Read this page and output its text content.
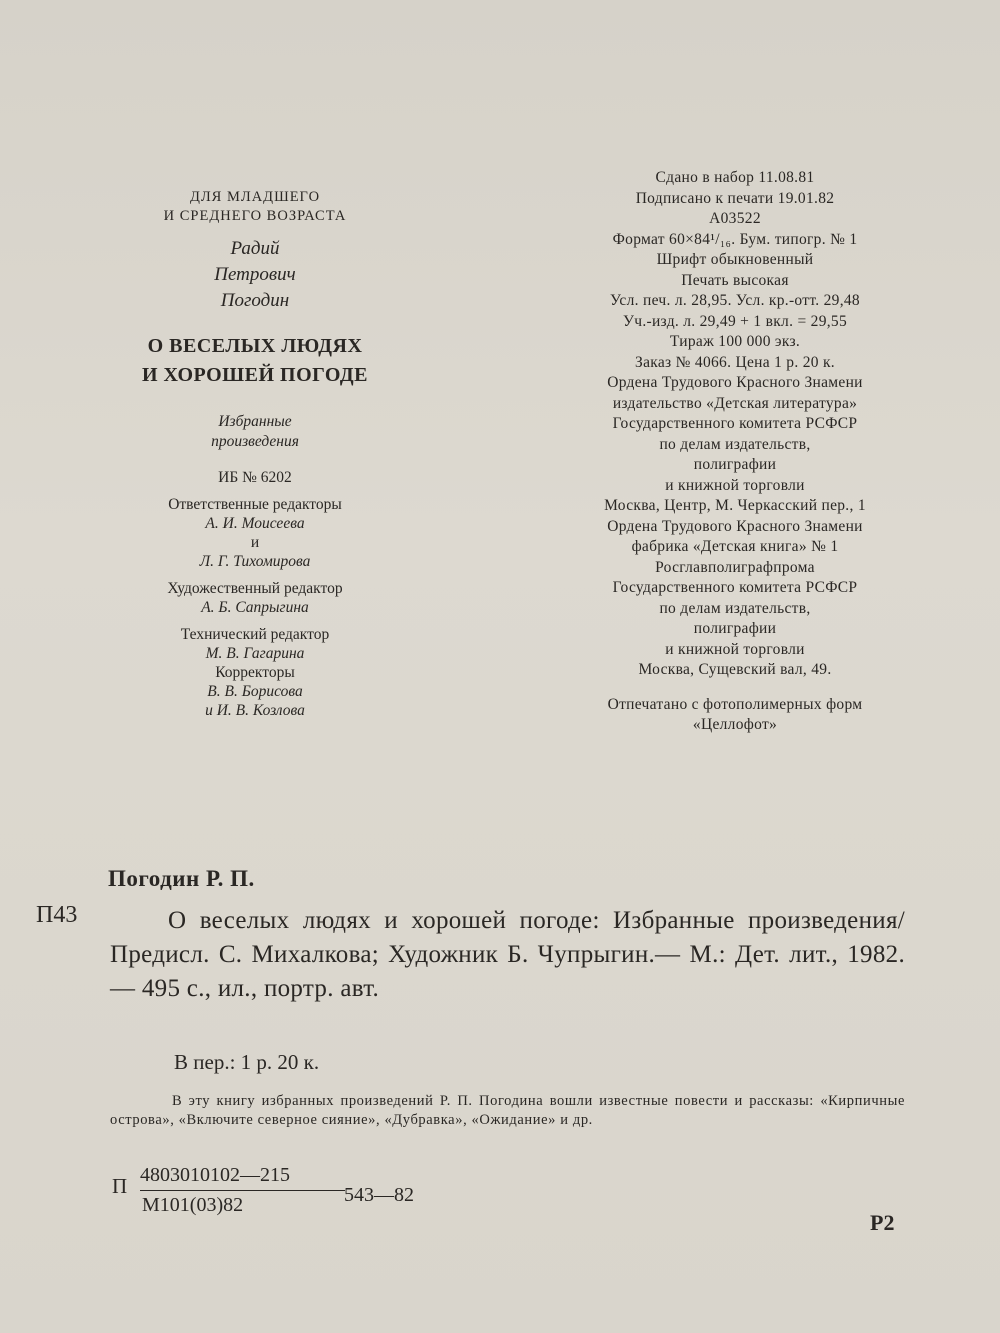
ДЛЯ МЛАДШЕГО
И СРЕДНЕГО ВОЗРАСТА
Радий
Петрович
Погодин
О ВЕСЕЛЫХ ЛЮДЯХ
И ХОРОШЕЙ ПОГОДЕ
Избранные
произведения
ИБ № 6202
Ответственные редакторы
А. И. Моисеева
и
Л. Г. Тихомирова
Художественный редактор
А. Б. Сапрыгина
Технический редактор
М. В. Гагарина
Корректоры
В. В. Борисова
и И. В. Козлова
Сдано в набор 11.08.81
Подписано к печати 19.01.82
А03522
Формат 60×84¹/₁₆. Бум. типогр. № 1
Шрифт обыкновенный
Печать высокая
Усл. печ. л. 28,95. Усл. кр.-отт. 29,48
Уч.-изд. л. 29,49 + 1 вкл. = 29,55
Тираж 100 000 экз.
Заказ № 4066. Цена 1 р. 20 к.
Ордена Трудового Красного Знамени
издательство «Детская литература»
Государственного комитета РСФСР
по делам издательств,
полиграфии
и книжной торговли
Москва, Центр, М. Черкасский пер., 1
Ордена Трудового Красного Знамени
фабрика «Детская книга» № 1
Росглавполиграфпрома
Государственного комитета РСФСР
по делам издательств,
полиграфии
и книжной торговли
Москва, Сущевский вал, 49.
Отпечатано с фотополимерных форм
«Целлофот»
Погодин Р. П.
П43	О веселых людях и хорошей погоде: Избранные произведения/ Предисл. С. Михалкова; Художник Б. Чупрыгин.— М.: Дет. лит., 1982.— 495 с., ил., портр. авт.
В пер.: 1 р. 20 к.
В эту книгу избранных произведений Р. П. Погодина вошли известные повести и рассказы: «Кирпичные острова», «Включите северное сияние», «Дубравка», «Ожидание» и др.
П 4803010102—215
М101(03)82	543—82
Р2
